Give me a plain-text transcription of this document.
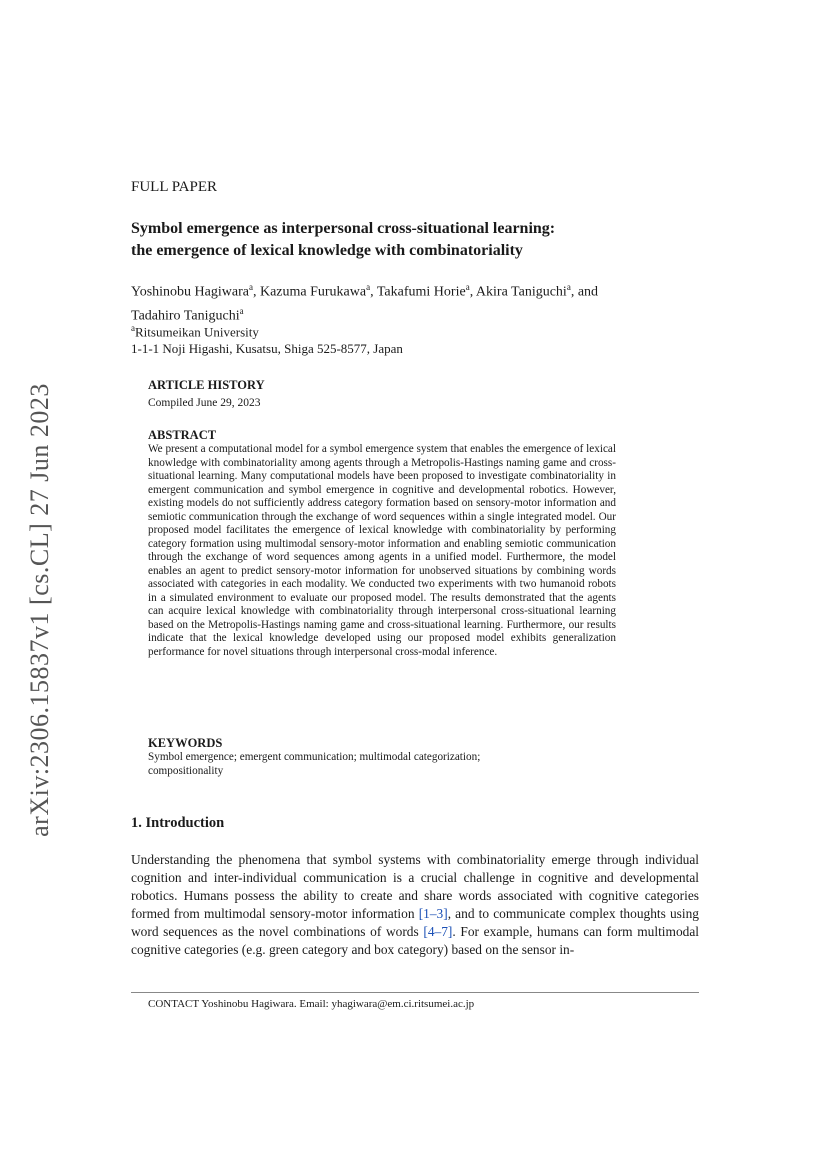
arXiv:2306.15837v1 [cs.CL] 27 Jun 2023
FULL PAPER
Symbol emergence as interpersonal cross-situational learning:
the emergence of lexical knowledge with combinatoriality
Yoshinobu Hagiwara$^a$, Kazuma Furukawa$^a$, Takafumi Horie$^a$, Akira Taniguchi$^a$, and
Tadahiro Taniguchi$^a$
$^a$Ritsumeikan University
1-1-1 Noji Higashi, Kusatsu, Shiga 525-8577, Japan
ARTICLE HISTORY
Compiled June 29, 2023
ABSTRACT
We present a computational model for a symbol emergence system that enables the emergence of lexical knowledge with combinatoriality among agents through a Metropolis-Hastings naming game and cross-situational learning. Many computational models have been proposed to investigate combinatoriality in emergent communication and symbol emergence in cognitive and developmental robotics. However, existing models do not sufficiently address category formation based on sensory-motor information and semiotic communication through the exchange of word sequences within a single integrated model. Our proposed model facilitates the emergence of lexical knowledge with combinatoriality by performing category formation using multimodal sensory-motor information and enabling semiotic communication through the exchange of word sequences among agents in a unified model. Furthermore, the model enables an agent to predict sensory-motor information for unobserved situations by combining words associated with categories in each modality. We conducted two experiments with two humanoid robots in a simulated environment to evaluate our proposed model. The results demonstrated that the agents can acquire lexical knowledge with combinatoriality through interpersonal cross-situational learning based on the Metropolis-Hastings naming game and cross-situational learning. Furthermore, our results indicate that the lexical knowledge developed using our proposed model exhibits generalization performance for novel situations through interpersonal cross-modal inference.
KEYWORDS
Symbol emergence; emergent communication; multimodal categorization;
compositionality
1. Introduction
Understanding the phenomena that symbol systems with combinatoriality emerge through individual cognition and inter-individual communication is a crucial challenge in cognitive and developmental robotics. Humans possess the ability to create and share words associated with cognitive categories formed from multimodal sensory-motor information [1–3], and to communicate complex thoughts using word sequences as the novel combinations of words [4–7]. For example, humans can form multimodal cognitive categories (e.g. green category and box category) based on the sensor in-
CONTACT Yoshinobu Hagiwara. Email: yhagiwara@em.ci.ritsumei.ac.jp
